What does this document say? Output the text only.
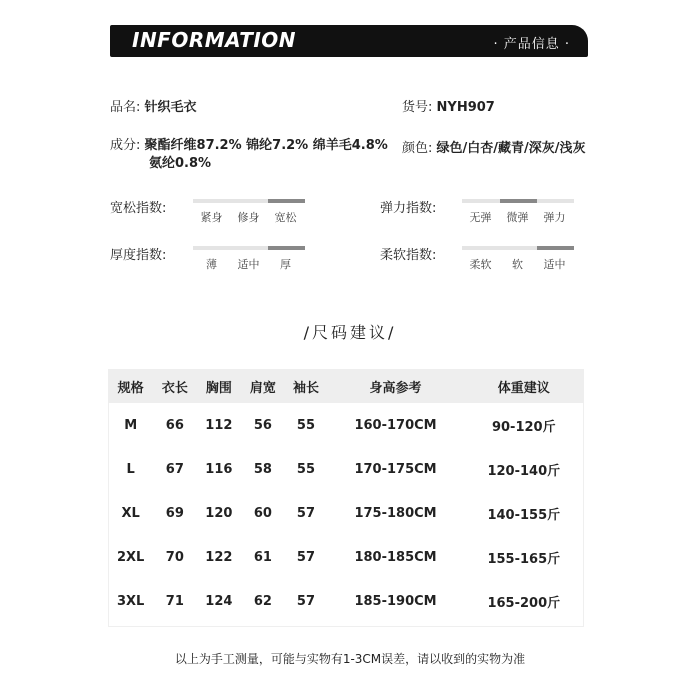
INFORMATION	· 产品信息 ·
品名: 针织毛衣	货号: NYH907
成分: 聚酯纤维87.2% 锦纶7.2% 绵羊毛4.8%
氨纶0.8%
颜色: 绿色/白杏/藏青/深灰/浅灰
宽松指数:
紧身	修身	宽松
弹力指数:
无弹	微弹	弹力
厚度指数:
薄	适中	厚
柔软指数:
柔软	软	适中
/尺码建议/
规格	衣长	胸围	肩宽	袖长	身高参考	体重建议
M	66	112	56	55	160-170CM	90-120斤
L	67	116	58	55	170-175CM	120-140斤
XL	69	120	60	57	175-180CM	140-155斤
2XL	70	122	61	57	180-185CM	155-165斤
3XL	71	124	62	57	185-190CM	165-200斤
以上为手工测量，可能与实物有1-3CM误差，请以收到的实物为准
